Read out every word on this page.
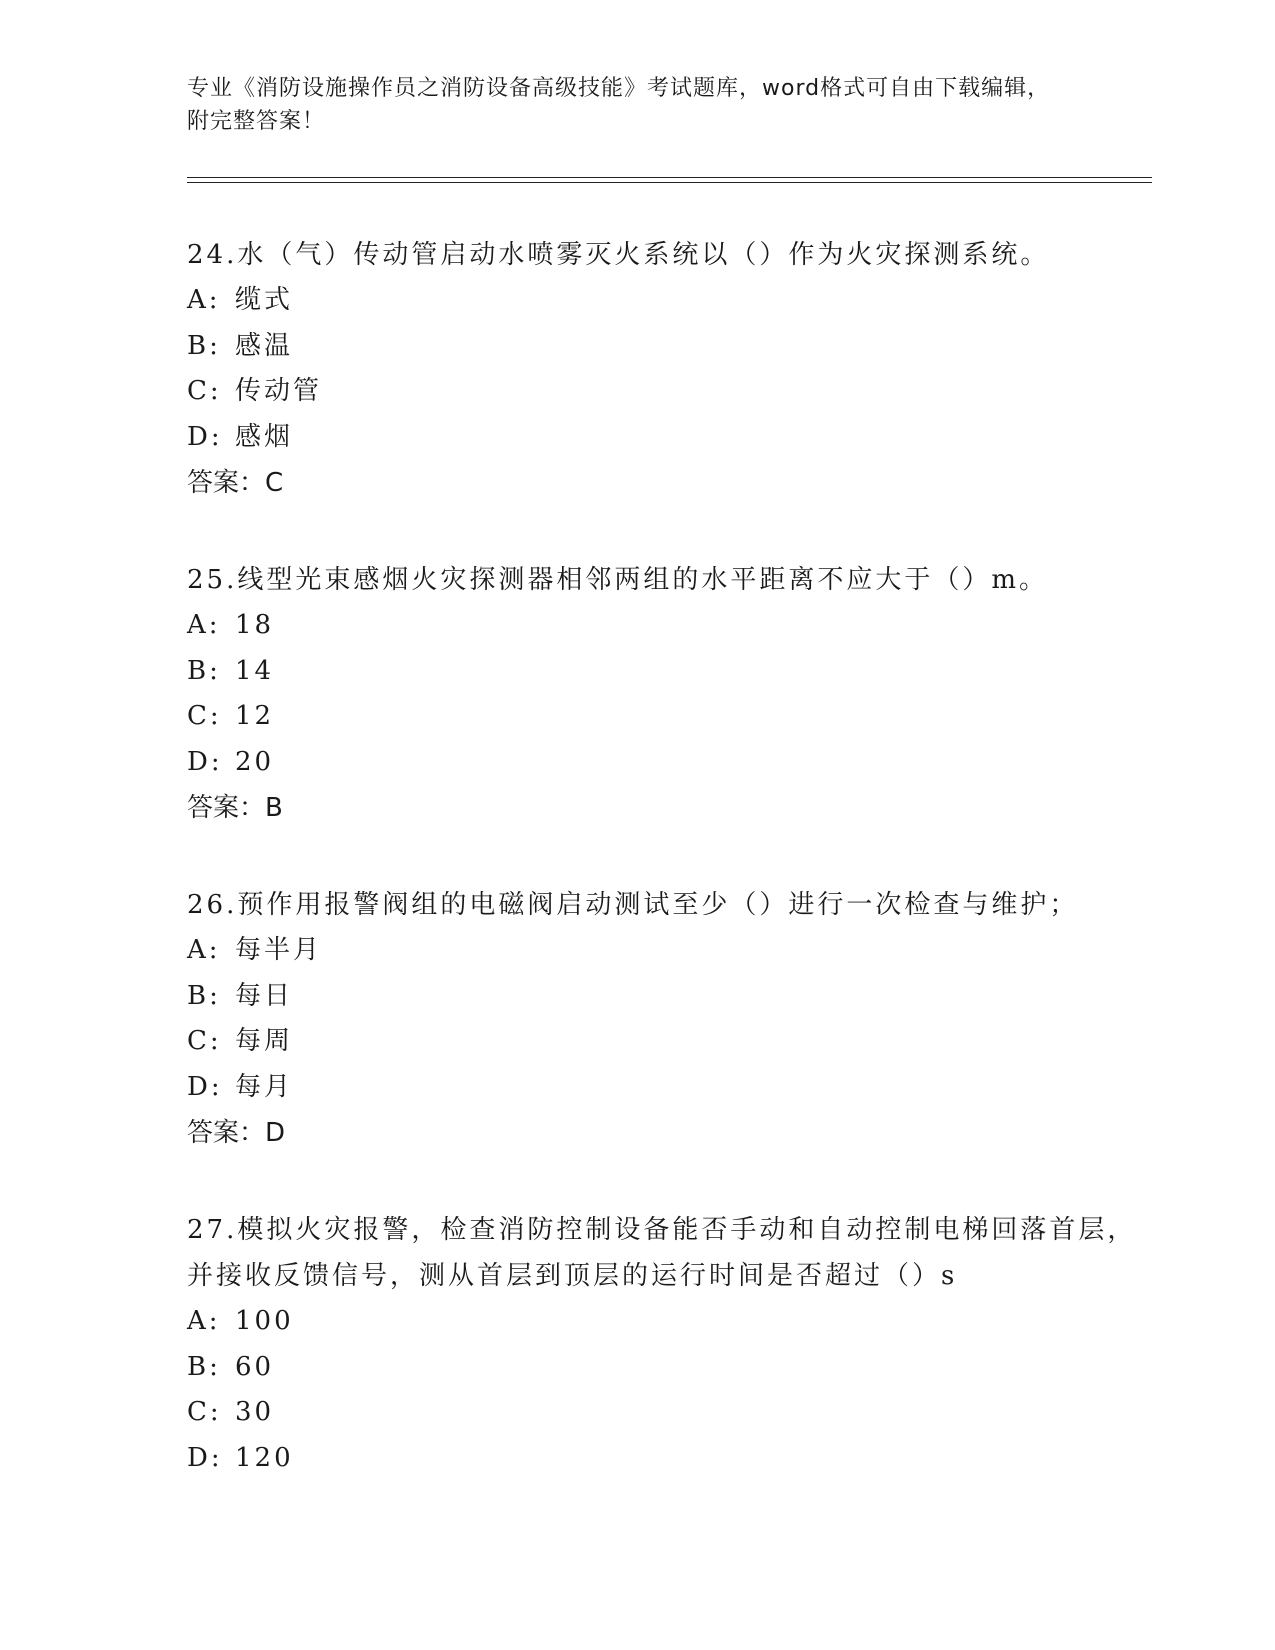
专业《消防设施操作员之消防设备高级技能》考试题库，word格式可自由下载编辑，附完整答案！

24.水（气）传动管启动水喷雾灭火系统以（）作为火灾探测系统。

A: 缆式

B: 感温

C: 传动管

D: 感烟

答案：C

25.线型光束感烟火灾探测器相邻两组的水平距离不应大于（）m。

A: 18

B: 14

C: 12

D: 20

答案：B

26.预作用报警阀组的电磁阀启动测试至少（）进行一次检查与维护；

A: 每半月

B: 每日

C: 每周

D: 每月

答案：D

27.模拟火灾报警，检查消防控制设备能否手动和自动控制电梯回落首层，并接收反馈信号，测从首层到顶层的运行时间是否超过（）s

A: 100

B: 60

C: 30

D: 120
